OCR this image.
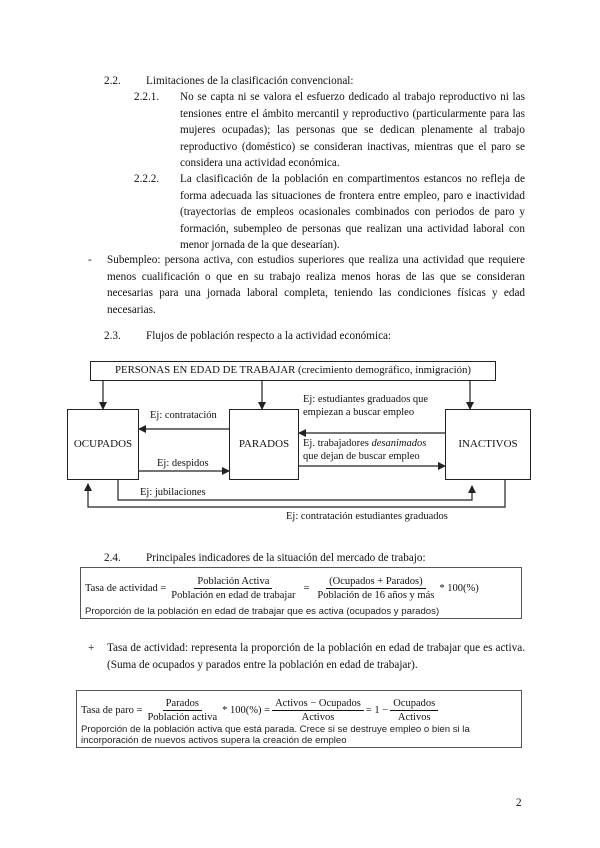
2.2. Limitaciones de la clasificación convencional:
2.2.1. No se capta ni se valora el esfuerzo dedicado al trabajo reproductivo ni las tensiones entre el ámbito mercantil y reproductivo (particularmente para las mujeres ocupadas); las personas que se dedican plenamente al trabajo reproductivo (doméstico) se consideran inactivas, mientras que el paro se considera una actividad económica.
2.2.2. La clasificación de la población en compartimentos estancos no refleja de forma adecuada las situaciones de frontera entre empleo, paro e inactividad (trayectorias de empleos ocasionales combinados con periodos de paro y formación, subempleo de personas que realizan una actividad laboral con menor jornada de la que desearían).
- Subempleo: persona activa, con estudios superiores que realiza una actividad que requiere menos cualificación o que en su trabajo realiza menos horas de las que se consideran necesarias para una jornada laboral completa, teniendo las condiciones físicas y edad necesarias.
2.3. Flujos de población respecto a la actividad económica:
PERSONAS EN EDAD DE TRABAJAR (crecimiento demográfico, inmigración)
OCUPADOS	PARADOS	INACTIVOS
Ej: contratación
Ej: despidos
Ej: jubilaciones
Ej: estudiantes graduados que
empiezan a buscar empleo
Ej. trabajadores desanimados
que dejan de buscar empleo
Ej: contratación estudiantes graduados
2.4. Principales indicadores de la situación del mercado de trabajo:
Tasa de actividad = $\frac{\text{Población Activa}}{\text{Población en edad de trabajar}} = \frac{\text{(Ocupados + Parados)}}{\text{Población de 16 años y más}} * 100(\%)$
Proporción de la población en edad de trabajar que es activa (ocupados y parados)
+ Tasa de actividad: representa la proporción de la población en edad de trabajar que es activa. (Suma de ocupados y parados entre la población en edad de trabajar).
Tasa de paro = $\frac{\text{Parados}}{\text{Población activa}} * 100(\%) = \frac{\text{Activos − Ocupados}}{\text{Activos}} = 1 - \frac{\text{Ocupados}}{\text{Activos}}$
Proporción de la población activa que está parada. Crece si se destruye empleo o bien si la
incorporación de nuevos activos supera la creación de empleo
2
